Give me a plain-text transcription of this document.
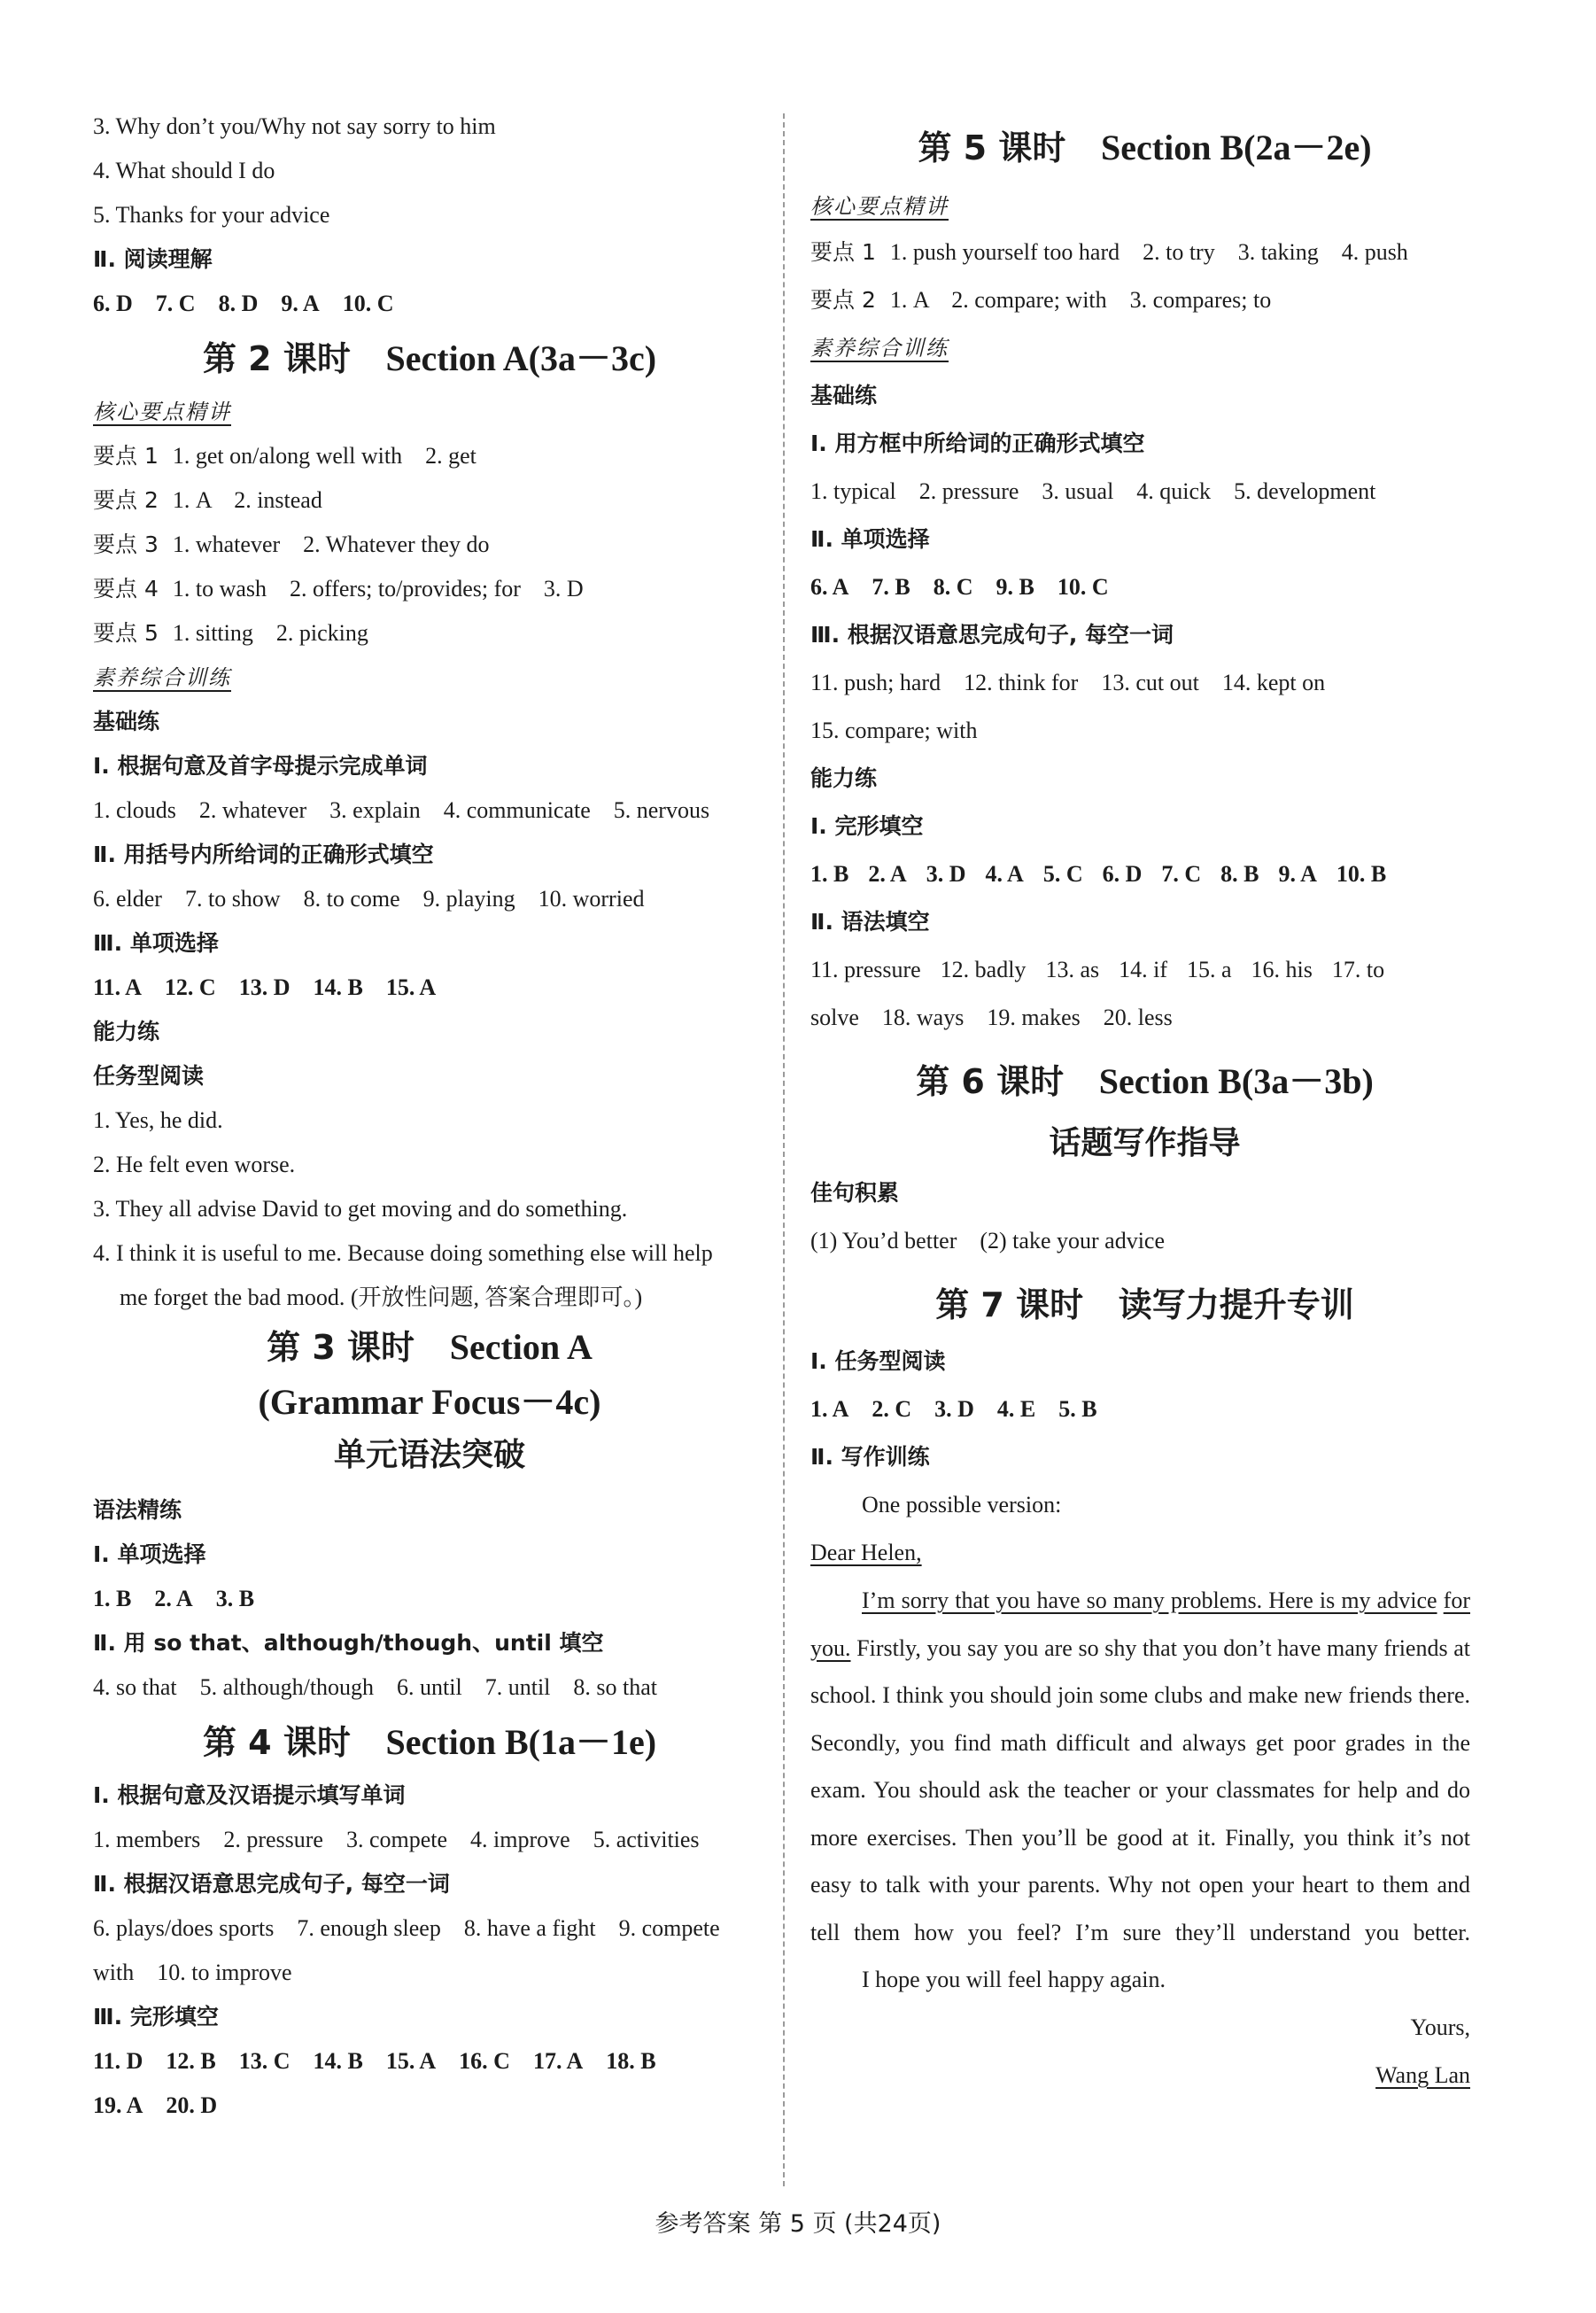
3. Why don’t you/Why not say sorry to him
4. What should I do
5. Thanks for your advice
Ⅱ. 阅读理解
6. D 7. C 8. D 9. A 10. C
第 2 课时 Section A(3a－3c)
核心要点精讲
要点 1 1. get on/along well with　2. get
要点 2 1. A　2. instead
要点 3 1. whatever　2. Whatever they do
要点 4 1. to wash　2. offers; to/provides; for　3. D
要点 5 1. sitting　2. picking
素养综合训练
基础练
Ⅰ. 根据句意及首字母提示完成单词
1. clouds 2. whatever 3. explain 4. communicate 5. nervous
Ⅱ. 用括号内所给词的正确形式填空
6. elder 7. to show 8. to come 9. playing 10. worried
Ⅲ. 单项选择
11. A 12. C 13. D 14. B 15. A
能力练
任务型阅读
1. Yes, he did.
2. He felt even worse.
3. They all advise David to get moving and do something.
4. I think it is useful to me. Because doing something else will help
me forget the bad mood. (开放性问题, 答案合理即可。)
第 3 课时 Section A
(Grammar Focus－4c)
单元语法突破
语法精练
Ⅰ. 单项选择
1. B 2. A 3. B
Ⅱ. 用 so that、although/though、until 填空
4. so that 5. although/though 6. until 7. until 8. so that
第 4 课时 Section B(1a－1e)
Ⅰ. 根据句意及汉语提示填写单词
1. members 2. pressure 3. compete 4. improve 5. activities
Ⅱ. 根据汉语意思完成句子, 每空一词
6. plays/does sports　7. enough sleep　8. have a fight　9. compete
with　10. to improve
Ⅲ. 完形填空
11. D 12. B 13. C 14. B 15. A 16. C 17. A 18. B
19. A 20. D
第 5 课时 Section B(2a－2e)
核心要点精讲
要点 1 1. push yourself too hard　2. to try　3. taking　4. push
要点 2 1. A　2. compare; with　3. compares; to
素养综合训练
基础练
Ⅰ. 用方框中所给词的正确形式填空
1. typical 2. pressure 3. usual 4. quick 5. development
Ⅱ. 单项选择
6. A 7. B 8. C 9. B 10. C
Ⅲ. 根据汉语意思完成句子, 每空一词
11. push; hard 12. think for 13. cut out 14. kept on
15. compare; with
能力练
Ⅰ. 完形填空
1. B 2. A 3. D 4. A 5. C 6. D 7. C 8. B 9. A 10. B
Ⅱ. 语法填空
11. pressure 12. badly 13. as 14. if 15. a 16. his 17. to
solve 18. ways 19. makes 20. less
第 6 课时 Section B(3a－3b)
话题写作指导
佳句积累
(1) You’d better　(2) take your advice
第 7 课时 读写力提升专训
Ⅰ. 任务型阅读
1. A 2. C 3. D 4. E 5. B
Ⅱ. 写作训练
One possible version:
Dear Helen,
I’m sorry that you have so many problems. Here is my advice for you. Firstly, you say you are so shy that you don’t have many friends at school. I think you should join some clubs and make new friends there. Secondly, you find math difficult and always get poor grades in the exam. You should ask the teacher or your classmates for help and do more exercises. Then you’ll be good at it. Finally, you think it’s not easy to talk with your parents. Why not open your heart to them and tell them how you feel? I’m sure they’ll understand you better.
I hope you will feel happy again.
Yours,
Wang Lan
参考答案 第 5 页 (共24页)
